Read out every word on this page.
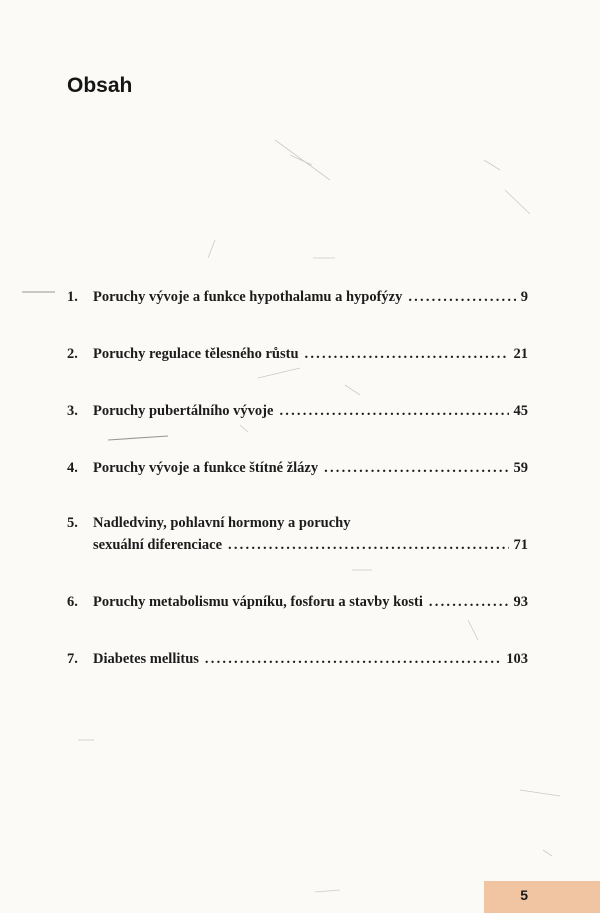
Obsah
1. Poruchy vývoje a funkce hypothalamu a hypofýzy .....	9
2. Poruchy regulace tělesného růstu .....	21
3. Poruchy pubertálního vývoje .....	45
4. Poruchy vývoje a funkce štítné žlázy .....	59
5. Nadledviny, pohlavní hormony a poruchy
sexuální diferenciace .....	71
6. Poruchy metabolismu vápníku, fosforu a stavby kosti .....	93
7. Diabetes mellitus .....	103
5
